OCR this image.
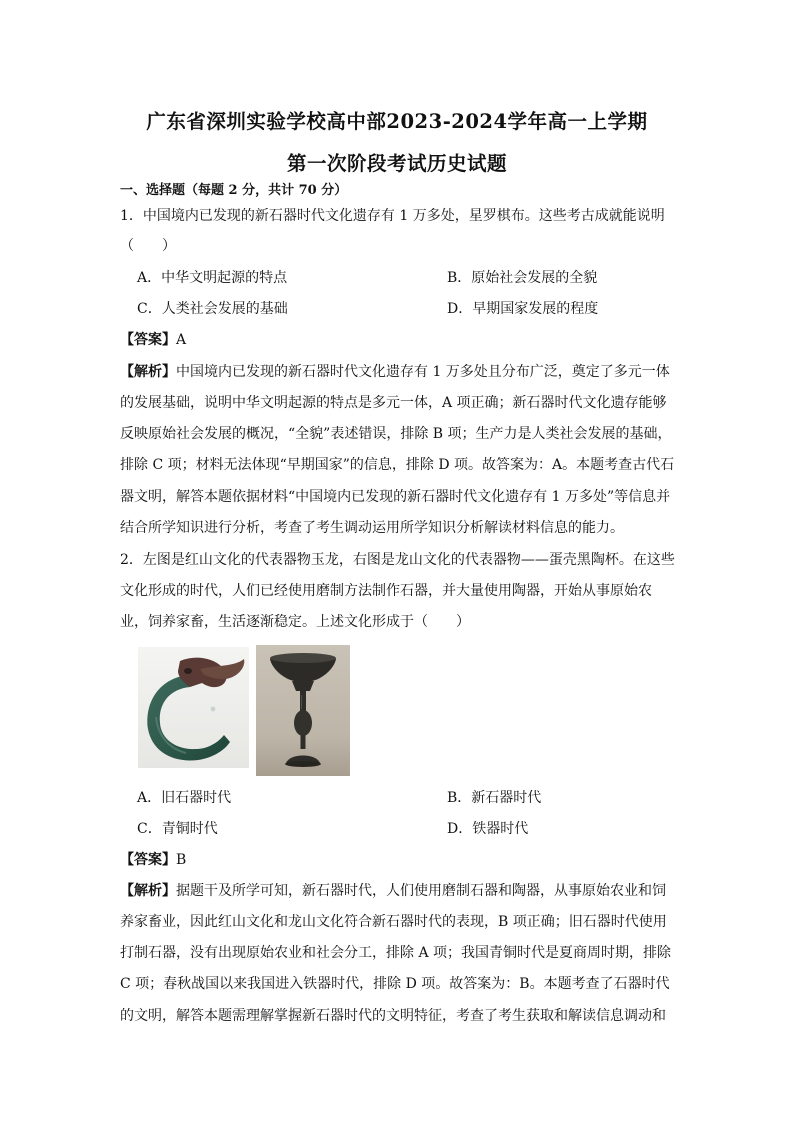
广东省深圳实验学校高中部2023-2024学年高一上学期
第一次阶段考试历史试题
一、选择题（每题 2 分，共计 70 分）
1．中国境内已发现的新石器时代文化遗存有 1 万多处，星罗棋布。这些考古成就能说明
（　　）
A．中华文明起源的特点	B．原始社会发展的全貌
C．人类社会发展的基础	D．早期国家发展的程度
【答案】A
【解析】中国境内已发现的新石器时代文化遗存有 1 万多处且分布广泛，奠定了多元一体
的发展基础，说明中华文明起源的特点是多元一体，A 项正确；新石器时代文化遗存能够
反映原始社会发展的概况，“全貌”表述错误，排除 B 项；生产力是人类社会发展的基础，
排除 C 项；材料无法体现“早期国家”的信息，排除 D 项。故答案为：A。本题考查古代石
器文明，解答本题依据材料“中国境内已发现的新石器时代文化遗存有 1 万多处”等信息并
结合所学知识进行分析，考查了考生调动运用所学知识分析解读材料信息的能力。
2．左图是红山文化的代表器物玉龙，右图是龙山文化的代表器物——蛋壳黑陶杯。在这些
文化形成的时代，人们已经使用磨制方法制作石器，并大量使用陶器，开始从事原始农
业，饲养家畜，生活逐渐稳定。上述文化形成于（　　）
A．旧石器时代	B．新石器时代
C．青铜时代	D．铁器时代
【答案】B
【解析】据题干及所学可知，新石器时代，人们使用磨制石器和陶器，从事原始农业和饲
养家畜业，因此红山文化和龙山文化符合新石器时代的表现，B 项正确；旧石器时代使用
打制石器，没有出现原始农业和社会分工，排除 A 项；我国青铜时代是夏商周时期，排除
C 项；春秋战国以来我国进入铁器时代，排除 D 项。故答案为：B。本题考查了石器时代
的文明，解答本题需理解掌握新石器时代的文明特征，考查了考生获取和解读信息调动和
